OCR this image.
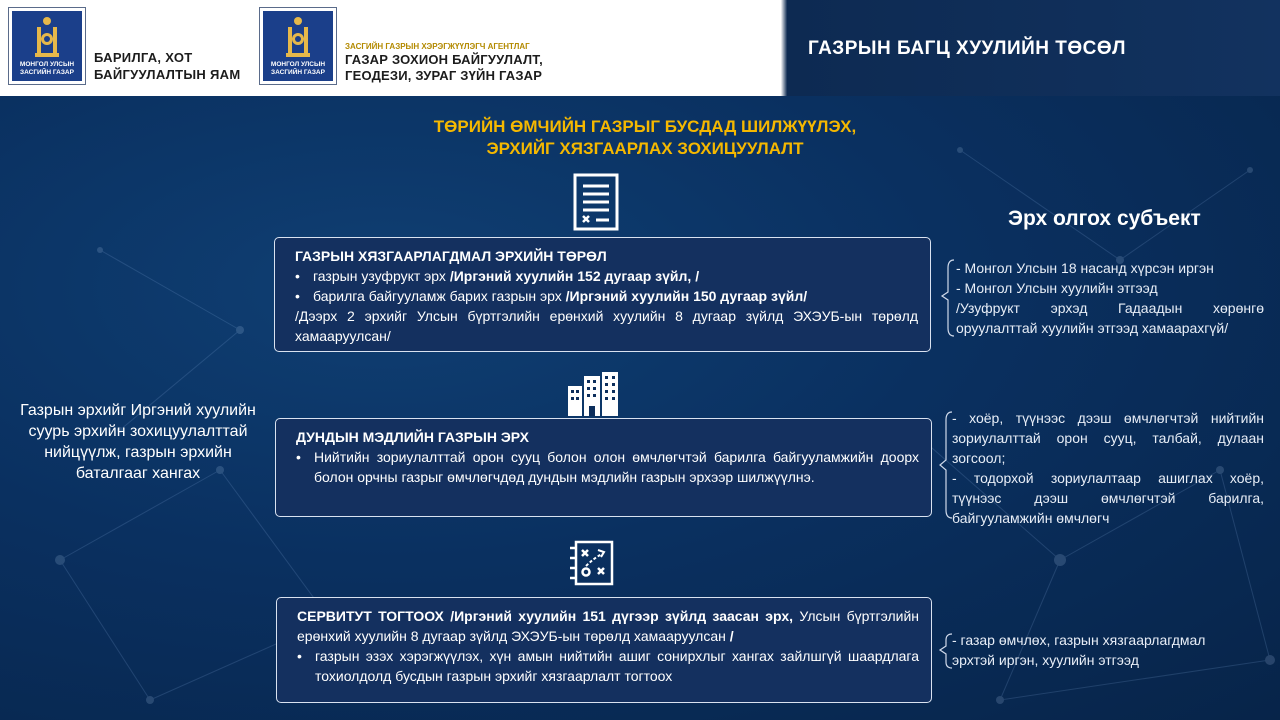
МОНГОЛ УЛСЫН ЗАСГИЙН ГАЗАР
БАРИЛГА, ХОТ БАЙГУУЛАЛТЫН ЯАМ
МОНГОЛ УЛСЫН ЗАСГИЙН ГАЗАР
ЗАСГИЙН ГАЗРЫН ХЭРЭГЖҮҮЛЭГЧ АГЕНТЛАГ
ГАЗАР ЗОХИОН БАЙГУУЛАЛТ, ГЕОДЕЗИ, ЗУРАГ ЗҮЙН ГАЗАР
ГАЗРЫН БАГЦ ХУУЛИЙН ТӨСӨЛ
ТӨРИЙН ӨМЧИЙН ГАЗРЫГ БУСДАД ШИЛЖҮҮЛЭХ,
ЭРХИЙГ ХЯЗГААРЛАХ ЗОХИЦУУЛАЛТ
ГАЗРЫН ХЯЗГААРЛАГДМАЛ ЭРХИЙН ТӨРӨЛ
• газрын узуфрукт эрх /Иргэний хуулийн 152 дугаар зүйл, /
• барилга байгууламж барих газрын эрх /Иргэний хуулийн 150 дугаар зүйл/
/Дээрх 2 эрхийг Улсын бүртгэлийн ерөнхий хуулийн 8 дугаар зүйлд ЭХЭУБ-ын төрөлд хамааруулсан/
ДУНДЫН МЭДЛИЙН ГАЗРЫН ЭРХ
• Нийтийн зориулалттай орон сууц болон олон өмчлөгчтэй барилга байгууламжийн доорх болон орчны газрыг өмчлөгчдөд дундын мэдлийн газрын эрхээр шилжүүлнэ.
СЕРВИТУТ ТОГТООХ /Иргэний хуулийн 151 дүгээр зүйлд заасан эрх, Улсын бүртгэлийн ерөнхий хуулийн 8 дугаар зүйлд ЭХЭУБ-ын төрөлд хамааруулсан /
• газрын эзэх хэрэгжүүлэх, хүн амын нийтийн ашиг сонирхлыг хангах зайлшгүй шаардлага тохиолдолд бусдын газрын эрхийг хязгаарлалт тогтоох
Газрын эрхийг Иргэний хуулийн суурь эрхийн зохицуулалттай нийцүүлж, газрын эрхийн баталгааг хангах
Эрх олгох субъект
- Монгол Улсын 18 насанд хүрсэн иргэн
- Монгол Улсын хуулийн этгээд
/Узуфрукт эрхэд Гадаадын хөрөнгө оруулалттай хуулийн этгээд хамаарахгүй/
- хоёр, түүнээс дээш өмчлөгчтэй нийтийн зориулалттай орон сууц, талбай, дулаан зогсоол;
- тодорхой зориулалтаар ашиглах хоёр, түүнээс дээш өмчлөгчтэй барилга, байгууламжийн өмчлөгч
- газар өмчлөх, газрын хязгаарлагдмал эрхтэй иргэн, хуулийн этгээд
